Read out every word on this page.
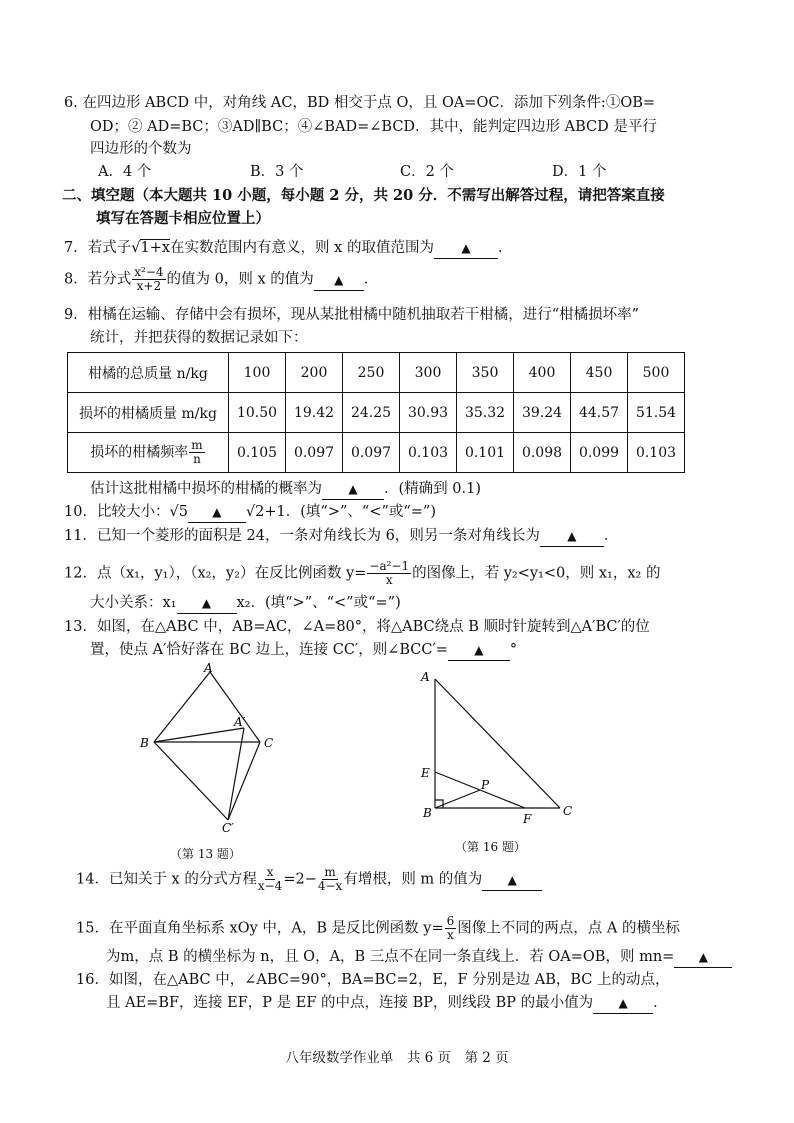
6. 在四边形 ABCD 中，对角线 AC，BD 相交于点 O，且 OA=OC．添加下列条件:①OB=
OD；② AD=BC；③AD∥BC；④∠BAD=∠BCD．其中，能判定四边形 ABCD 是平行
四边形的个数为
A．4 个	B．3 个	C．2 个	D．1 个
二、填空题（本大题共 10 小题，每小题 2 分，共 20 分．不需写出解答过程，请把答案直接
填写在答题卡相应位置上）
7．若式子√1+x在实数范围内有意义，则 x 的取值范围为 ▲ ．
8．若分式 $\frac{\text{x²−4}}{x+2}$ 的值为 0，则 x 的值为 ▲ ．
9．柑橘在运输、存储中会有损坏，现从某批柑橘中随机抽取若干柑橘，进行“柑橘损坏率”
统计，并把获得的数据记录如下：
柑橘的总质量 n/kg	100	200	250	300	350	400	450	500
损坏的柑橘质量 m/kg	10.50	19.42	24.25	30.93	35.32	39.24	44.57	51.54
损坏的柑橘频率 $\frac{m}{n}$	0.105	0.097	0.097	0.103	0.101	0.098	0.099	0.103
估计这批柑橘中损坏的柑橘的概率为 ▲ ．(精确到 0.1)
10．比较大小：√5 ▲ √2+1．(填“>”、“<”或“=”)
11．已知一个菱形的面积是 24，一条对角线长为 6，则另一条对角线长为 ▲ ．
12．点（x₁，y₁），（x₂，y₂）在反比例函数 $y= \frac{\text{−a²−1}}{x}$ 的图像上，若 y₂<y₁<0，则 x₁，x₂ 的
大小关系：x₁ ▲ x₂．(填“>”、“<”或“=”)
13．如图，在△ABC 中，AB=AC，∠A=80°，将△ABC绕点 B 顺时针旋转到△A′BC′的位
置，使点 A′恰好落在 BC 边上，连接 CC′，则∠BCC′= ▲ °
A
B	C
A′
C′
（第 13 题）
A
E
B
P
F
C
（第 16 题）
14．已知关于 x 的分式方程 $\frac{x}{x-4} =2- \frac{m}{4-x}$ 有增根，则 m 的值为 ▲
15．在平面直角坐标系 xOy 中，A，B 是反比例函数 $y= \frac{6}{x}$ 图像上不同的两点，点 A 的横坐标
为m，点 B 的横坐标为 n，且 O，A，B 三点不在同一条直线上．若 OA=OB，则 mn= ▲
16．如图，在△ABC 中，∠ABC=90°，BA=BC=2，E，F 分别是边 AB，BC 上的动点，
且 AE=BF，连接 EF，P 是 EF 的中点，连接 BP，则线段 BP 的最小值为 ▲ ．
八年级数学作业单　共 6 页　第 2 页
